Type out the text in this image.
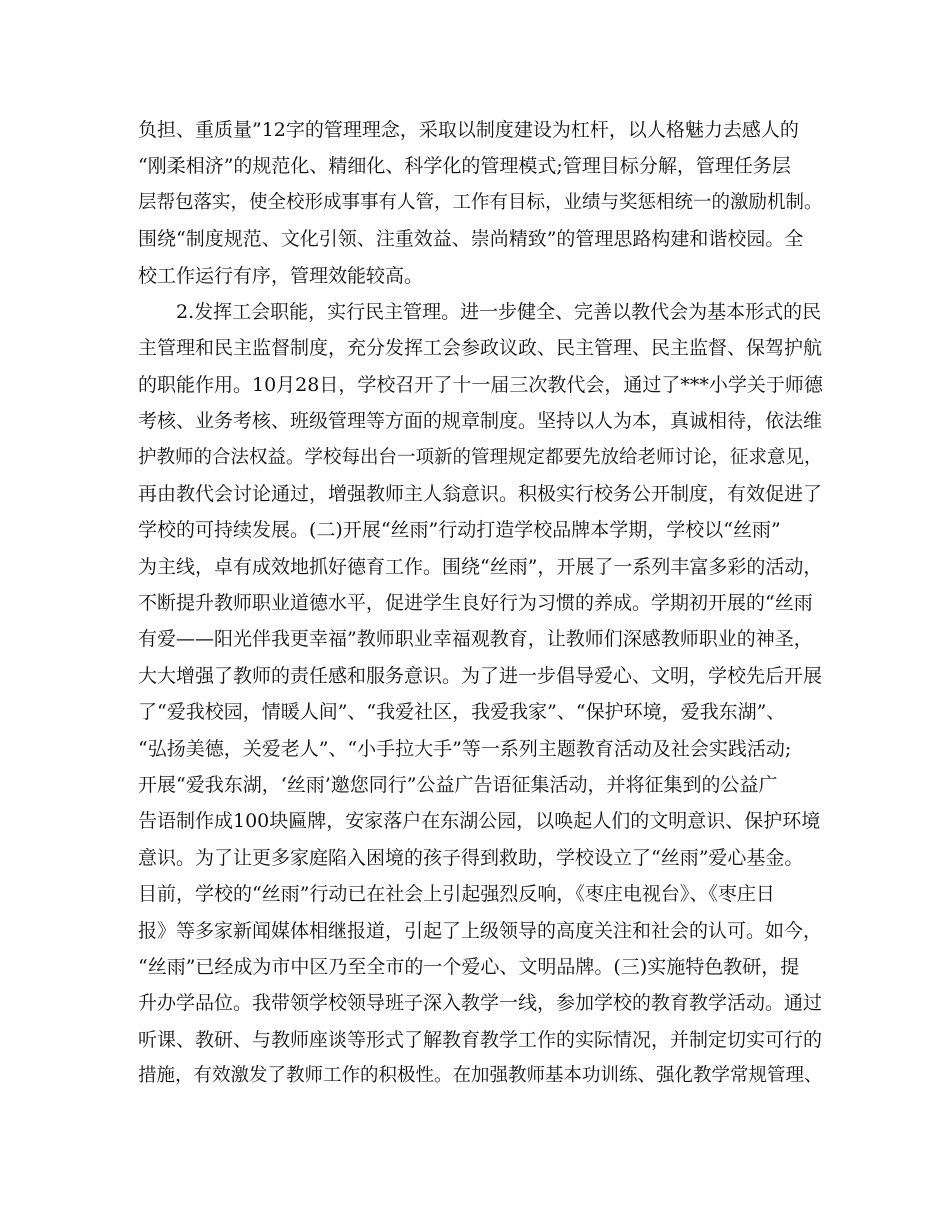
负担、重质量”12字的管理理念，采取以制度建设为杠杆，以人格魅力去感人的
“刚柔相济”的规范化、精细化、科学化的管理模式;管理目标分解，管理任务层
层帮包落实，使全校形成事事有人管，工作有目标，业绩与奖惩相统一的激励机制。
围绕“制度规范、文化引领、注重效益、崇尚精致”的管理思路构建和谐校园。全
校工作运行有序，管理效能较高。
2.发挥工会职能，实行民主管理。进一步健全、完善以教代会为基本形式的民
主管理和民主监督制度，充分发挥工会参政议政、民主管理、民主监督、保驾护航
的职能作用。10月28日，学校召开了十一届三次教代会，通过了***小学关于师德
考核、业务考核、班级管理等方面的规章制度。坚持以人为本，真诚相待，依法维
护教师的合法权益。学校每出台一项新的管理规定都要先放给老师讨论，征求意见，
再由教代会讨论通过，增强教师主人翁意识。积极实行校务公开制度，有效促进了
学校的可持续发展。(二)开展“丝雨”行动打造学校品牌本学期，学校以“丝雨”
为主线，卓有成效地抓好德育工作。围绕“丝雨”，开展了一系列丰富多彩的活动，
不断提升教师职业道德水平，促进学生良好行为习惯的养成。学期初开展的“丝雨
有爱——阳光伴我更幸福”教师职业幸福观教育，让教师们深感教师职业的神圣，
大大增强了教师的责任感和服务意识。为了进一步倡导爱心、文明，学校先后开展
了“爱我校园，情暖人间”、“我爱社区，我爱我家”、“保护环境，爱我东湖”、
“弘扬美德，关爱老人”、“小手拉大手”等一系列主题教育活动及社会实践活动;
开展“爱我东湖，‘丝雨’邀您同行”公益广告语征集活动，并将征集到的公益广
告语制作成100块匾牌，安家落户在东湖公园，以唤起人们的文明意识、保护环境
意识。为了让更多家庭陷入困境的孩子得到救助，学校设立了“丝雨”爱心基金。
目前，学校的“丝雨”行动已在社会上引起强烈反响，《枣庄电视台》、《枣庄日
报》等多家新闻媒体相继报道，引起了上级领导的高度关注和社会的认可。如今，
“丝雨”已经成为市中区乃至全市的一个爱心、文明品牌。(三)实施特色教研，提
升办学品位。我带领学校领导班子深入教学一线，参加学校的教育教学活动。通过
听课、教研、与教师座谈等形式了解教育教学工作的实际情况，并制定切实可行的
措施，有效激发了教师工作的积极性。在加强教师基本功训练、强化教学常规管理、
